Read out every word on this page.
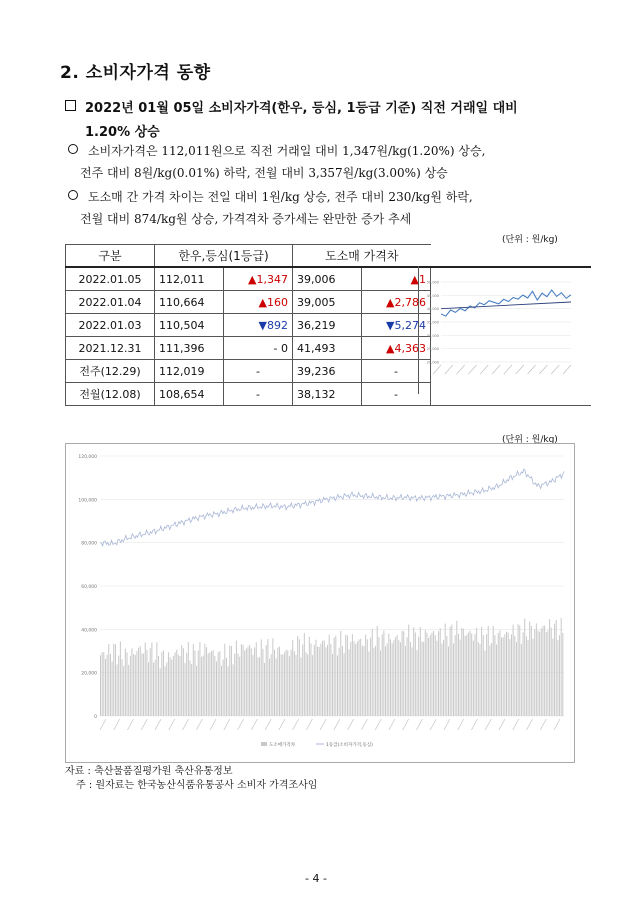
2. 소비자가격 동향
2022년 01월 05일 소비자가격(한우, 등심, 1등급 기준) 직전 거래일 대비
1.20% 상승
소비자가격은 112,011원으로 직전 거래일 대비 1,347원/kg(1.20%) 상승,
전주 대비 8원/kg(0.01%) 하락, 전월 대비 3,357원/kg(3.00%) 상승
도소매 간 가격 차이는 전일 대비 1원/kg 상승, 전주 대비 230/kg원 하락,
전월 대비 874/kg원 상승, 가격격차 증가세는 완만한 증가 추세
(단위 : 원/kg)
구분	한우,등심(1등급)		도소매 가격차		
2022.01.05	112,011	▲1,347	39,006	▲1	
2022.01.04	110,664	▲160	39,005	▲2,786	
2022.01.03	110,504	▼892	36,219	▼5,274	
2021.12.31	111,396	- 0	41,493	▲4,363	
전주(12.29)	112,019	-	39,236	-	
전월(12.08)	108,654	-	38,132	-	
50,000
45,000
40,000
35,000
30,000
25,000
20,000
(단위 : 원/kg)
120,000
100,000
80,000
60,000
40,000
20,000
0
도소매가격차	1등급(소비자가격,등심)
자료 : 축산물품질평가원 축산유통정보
주 : 원자료는 한국농산식품유통공사 소비자 가격조사임
- 4 -
